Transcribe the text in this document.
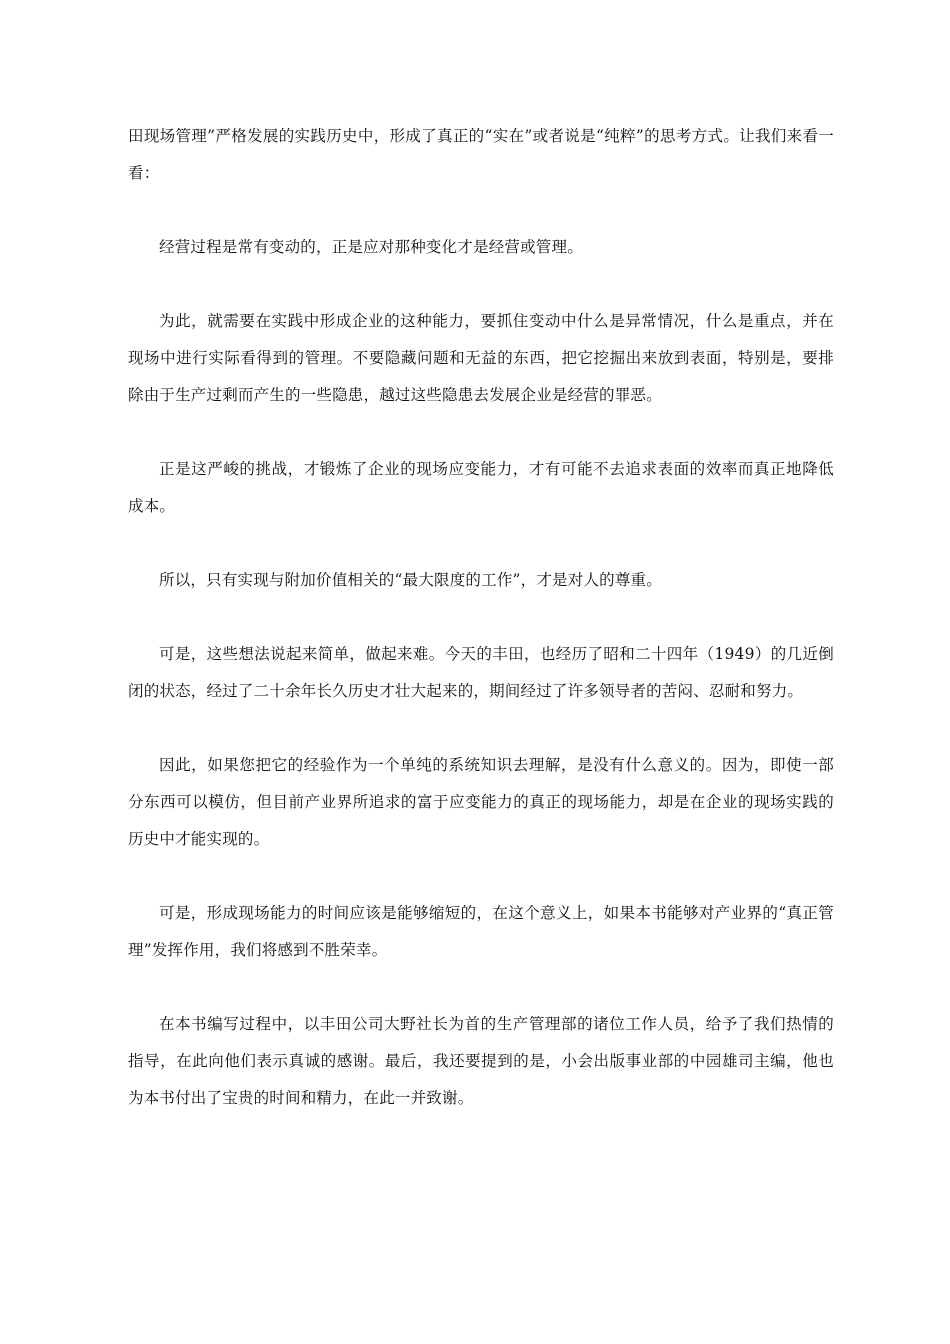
田现场管理”严格发展的实践历史中，形成了真正的“实在”或者说是“纯粹”的思考方式。让我们来看一看：

经营过程是常有变动的，正是应对那种变化才是经营或管理。

为此，就需要在实践中形成企业的这种能力，要抓住变动中什么是异常情况，什么是重点，并在现场中进行实际看得到的管理。不要隐藏问题和无益的东西，把它挖掘出来放到表面，特别是，要排除由于生产过剩而产生的一些隐患，越过这些隐患去发展企业是经营的罪恶。

正是这严峻的挑战，才锻炼了企业的现场应变能力，才有可能不去追求表面的效率而真正地降低成本。

所以，只有实现与附加价值相关的“最大限度的工作”，才是对人的尊重。

可是，这些想法说起来简单，做起来难。今天的丰田，也经历了昭和二十四年（1949）的几近倒闭的状态，经过了二十余年长久历史才壮大起来的，期间经过了许多领导者的苦闷、忍耐和努力。

因此，如果您把它的经验作为一个单纯的系统知识去理解，是没有什么意义的。因为，即使一部分东西可以模仿，但目前产业界所追求的富于应变能力的真正的现场能力，却是在企业的现场实践的历史中才能实现的。

可是，形成现场能力的时间应该是能够缩短的，在这个意义上，如果本书能够对产业界的“真正管理”发挥作用，我们将感到不胜荣幸。

在本书编写过程中，以丰田公司大野社长为首的生产管理部的诸位工作人员，给予了我们热情的指导，在此向他们表示真诚的感谢。最后，我还要提到的是，小会出版事业部的中园雄司主编，他也为本书付出了宝贵的时间和精力，在此一并致谢。
